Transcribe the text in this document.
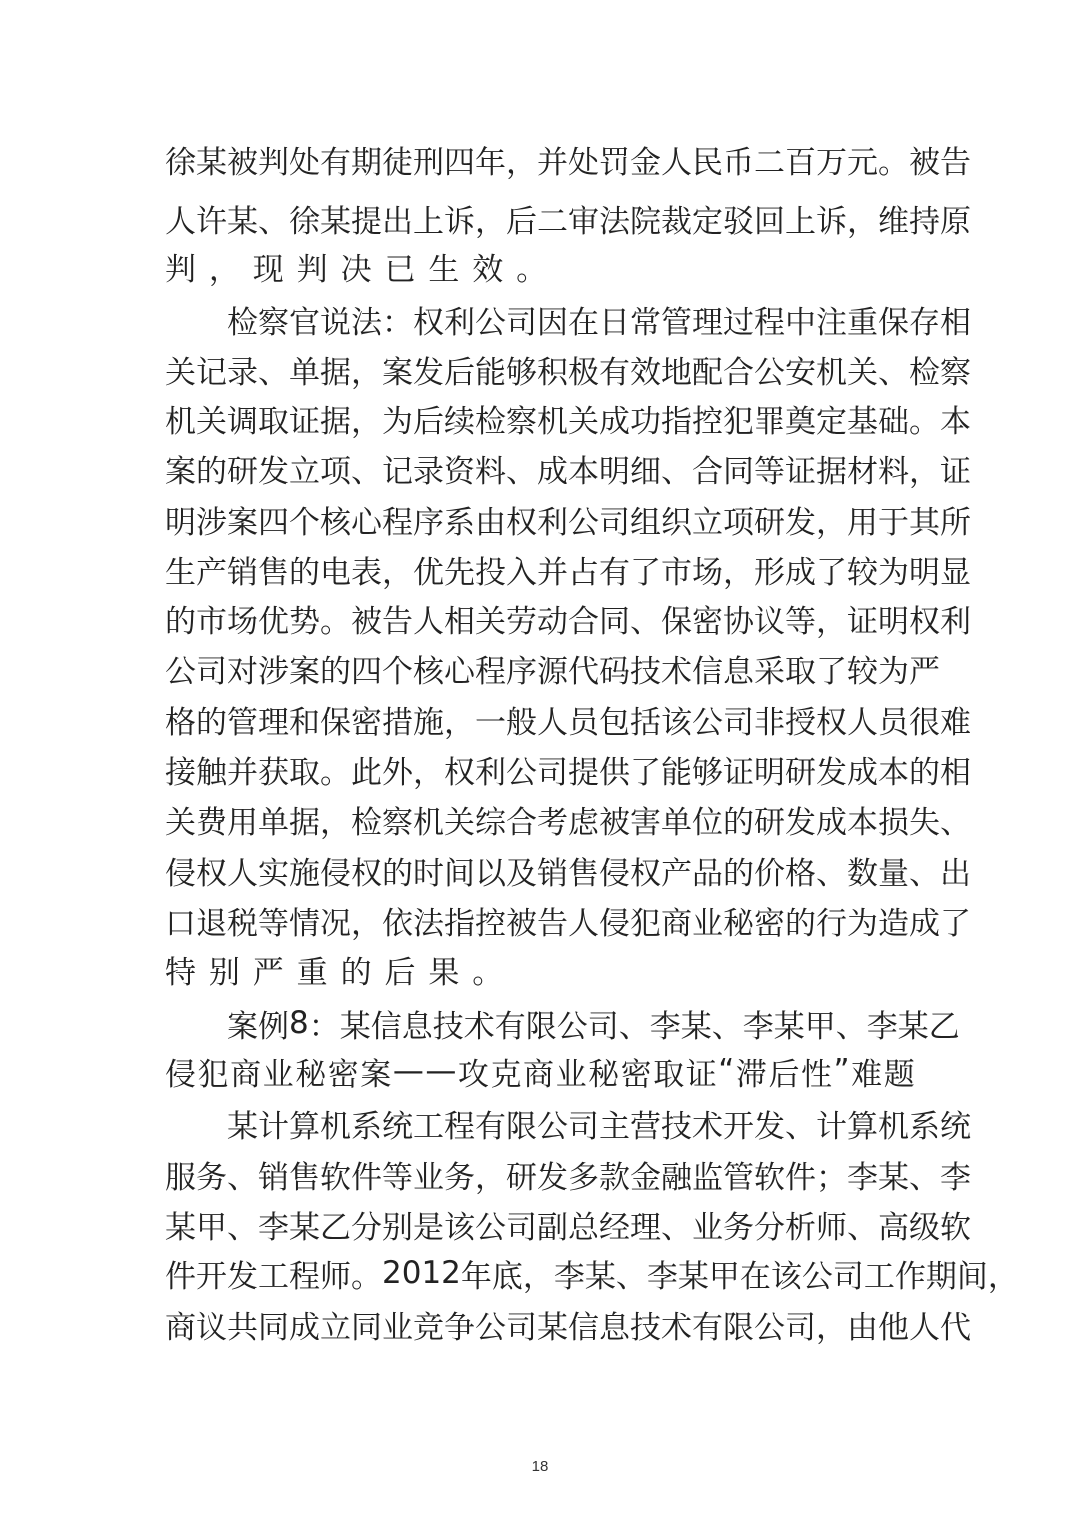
徐 某 被 判 处 有 期 徒 刑 四 年 ， 并 处 罚 金 人 民 币 二 百 万 元 。 被 告
人 许 某 、 徐 某 提 出 上 诉 ， 后 二 审 法 院 裁 定 驳 回 上 诉 ， 维 持 原
判 ， 现 判 决 已 生 效 。
检 察 官 说 法 ： 权 利 公 司 因 在 日 常 管 理 过 程 中 注 重 保 存 相
关 记 录 、 单 据 ， 案 发 后 能 够 积 极 有 效 地 配 合 公 安 机 关 、 检 察
机 关 调 取 证 据 ， 为 后 续 检 察 机 关 成 功 指 控 犯 罪 奠 定 基 础 。 本
案 的 研 发 立 项 、 记 录 资 料 、 成 本 明 细 、 合 同 等 证 据 材 料 ， 证
明 涉 案 四 个 核 心 程 序 系 由 权 利 公 司 组 织 立 项 研 发 ， 用 于 其 所
生 产 销 售 的 电 表 ， 优 先 投 入 并 占 有 了 市 场 ， 形 成 了 较 为 明 显
的 市 场 优 势 。 被 告 人 相 关 劳 动 合 同 、 保 密 协 议 等 ， 证 明 权 利
公 司 对 涉 案 的 四 个 核 心 程 序 源 代 码 技 术 信 息 采 取 了 较 为 严
格 的 管 理 和 保 密 措 施 ， 一 般 人 员 包 括 该 公 司 非 授 权 人 员 很 难
接 触 并 获 取 。 此 外 ， 权 利 公 司 提 供 了 能 够 证 明 研 发 成 本 的 相
关 费 用 单 据 ， 检 察 机 关 综 合 考 虑 被 害 单 位 的 研 发 成 本 损 失 、
侵 权 人 实 施 侵 权 的 时 间 以 及 销 售 侵 权 产 品 的 价 格 、 数 量 、 出
口 退 税 等 情 况 ， 依 法 指 控 被 告 人 侵 犯 商 业 秘 密 的 行 为 造 成 了
特 别 严 重 的 后 果 。
案 例 8 ： 某 信 息 技 术 有 限 公 司 、 李 某 、 李 某 甲 、 李 某 乙
侵 犯 商 业 秘 密 案 — — 攻 克 商 业 秘 密 取 证 “ 滞 后 性 ” 难 题
某 计 算 机 系 统 工 程 有 限 公 司 主 营 技 术 开 发 、 计 算 机 系 统
服 务 、 销 售 软 件 等 业 务 ， 研 发 多 款 金 融 监 管 软 件 ； 李 某 、 李
某 甲 、 李 某 乙 分 别 是 该 公 司 副 总 经 理 、 业 务 分 析 师 、 高 级 软
件 开 发 工 程 师 。 2012 年 底 ， 李 某 、 李 某 甲 在 该 公 司 工 作 期 间 ，
商 议 共 同 成 立 同 业 竞 争 公 司 某 信 息 技 术 有 限 公 司 ， 由 他 人 代
18
